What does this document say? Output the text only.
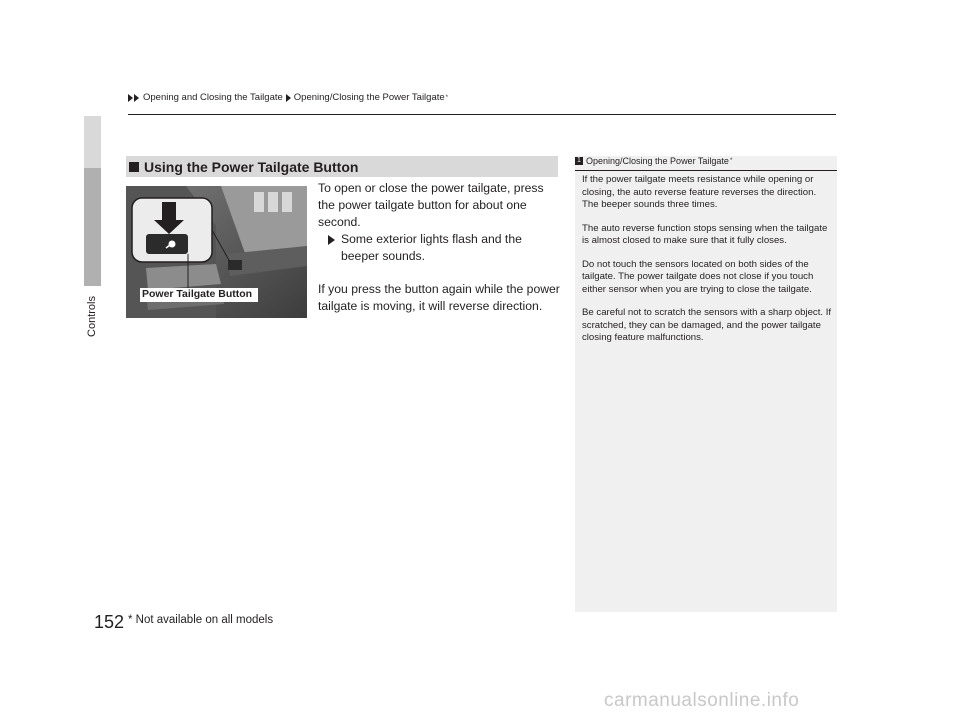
Opening and Closing the Tailgate Opening/Closing the Power Tailgate *
Controls
Using the Power Tailgate Button
Power Tailgate Button

To open or close the power tailgate, press the power tailgate button for about one second.

Some exterior lights flash and the beeper sounds.

If you press the button again while the power tailgate is moving, it will reverse direction.

1 Opening/Closing the Power Tailgate *

If the power tailgate meets resistance while opening or closing, the auto reverse feature reverses the direction. The beeper sounds three times.

The auto reverse function stops sensing when the tailgate is almost closed to make sure that it fully closes.

Do not touch the sensors located on both sides of the tailgate. The power tailgate does not close if you touch either sensor when you are trying to close the tailgate.

Be careful not to scratch the sensors with a sharp object. If scratched, they can be damaged, and the power tailgate closing feature malfunctions.

152 * Not available on all models
carmanualsonline.info
